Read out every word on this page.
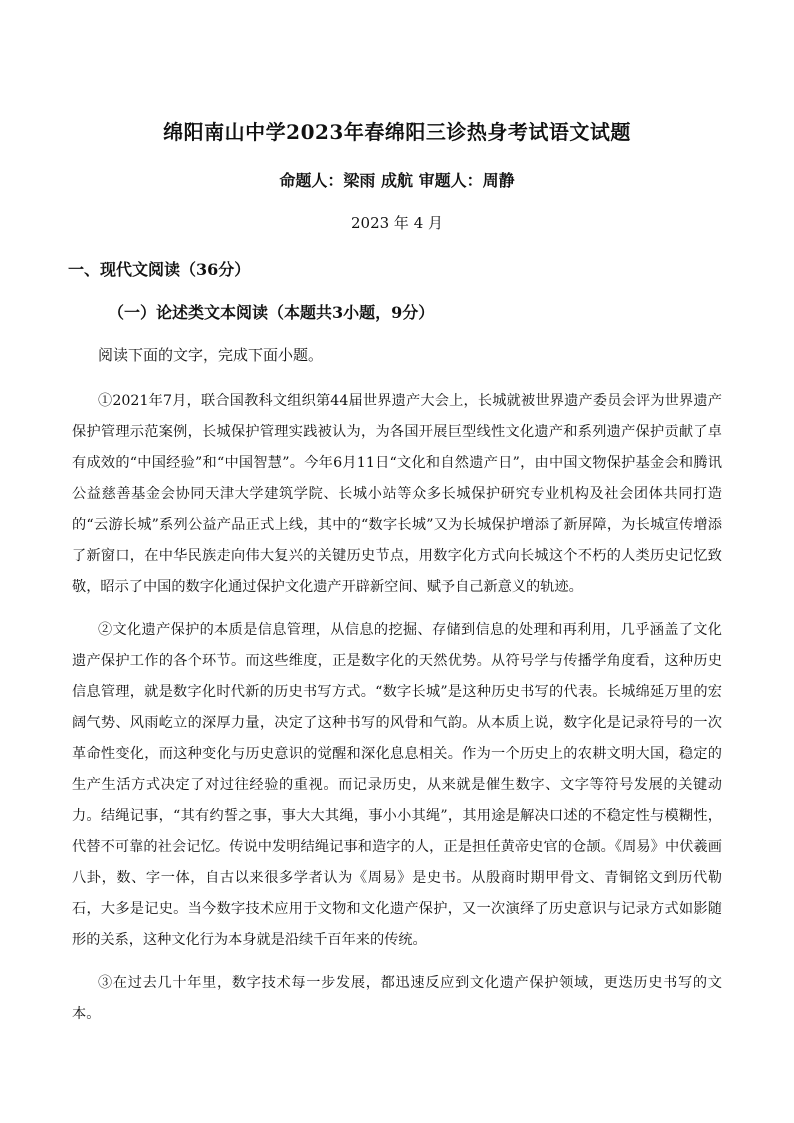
绵阳南山中学2023年春绵阳三诊热身考试语文试题
命题人：梁雨 成航 审题人：周静
2023 年 4 月
一、现代文阅读（36分）
（一）论述类文本阅读（本题共3小题，9分）
阅读下面的文字，完成下面小题。
①2021年7月，联合国教科文组织第44届世界遗产大会上，长城就被世界遗产委员会评为世界遗产保护管理示范案例，长城保护管理实践被认为，为各国开展巨型线性文化遗产和系列遗产保护贡献了卓有成效的“中国经验”和“中国智慧”。今年6月11日“文化和自然遗产日”，由中国文物保护基金会和腾讯公益慈善基金会协同天津大学建筑学院、长城小站等众多长城保护研究专业机构及社会团体共同打造的“云游长城”系列公益产品正式上线，其中的“数字长城”又为长城保护增添了新屏障，为长城宣传增添了新窗口，在中华民族走向伟大复兴的关键历史节点，用数字化方式向长城这个不朽的人类历史记忆致敬，昭示了中国的数字化通过保护文化遗产开辟新空间、赋予自己新意义的轨迹。
②文化遗产保护的本质是信息管理，从信息的挖掘、存储到信息的处理和再利用，几乎涵盖了文化遗产保护工作的各个环节。而这些维度，正是数字化的天然优势。从符号学与传播学角度看，这种历史信息管理，就是数字化时代新的历史书写方式。“数字长城”是这种历史书写的代表。长城绵延万里的宏阔气势、风雨屹立的深厚力量，决定了这种书写的风骨和气韵。从本质上说，数字化是记录符号的一次革命性变化，而这种变化与历史意识的觉醒和深化息息相关。作为一个历史上的农耕文明大国，稳定的生产生活方式决定了对过往经验的重视。而记录历史，从来就是催生数字、文字等符号发展的关键动力。结绳记事，“其有约誓之事，事大大其绳，事小小其绳”，其用途是解决口述的不稳定性与模糊性，代替不可靠的社会记忆。传说中发明结绳记事和造字的人，正是担任黄帝史官的仓颉。《周易》中伏羲画八卦，数、字一体，自古以来很多学者认为《周易》是史书。从殷商时期甲骨文、青铜铭文到历代勒石，大多是记史。当今数字技术应用于文物和文化遗产保护，又一次演绎了历史意识与记录方式如影随形的关系，这种文化行为本身就是沿续千百年来的传统。
③在过去几十年里，数字技术每一步发展，都迅速反应到文化遗产保护领域，更迭历史书写的文本。
